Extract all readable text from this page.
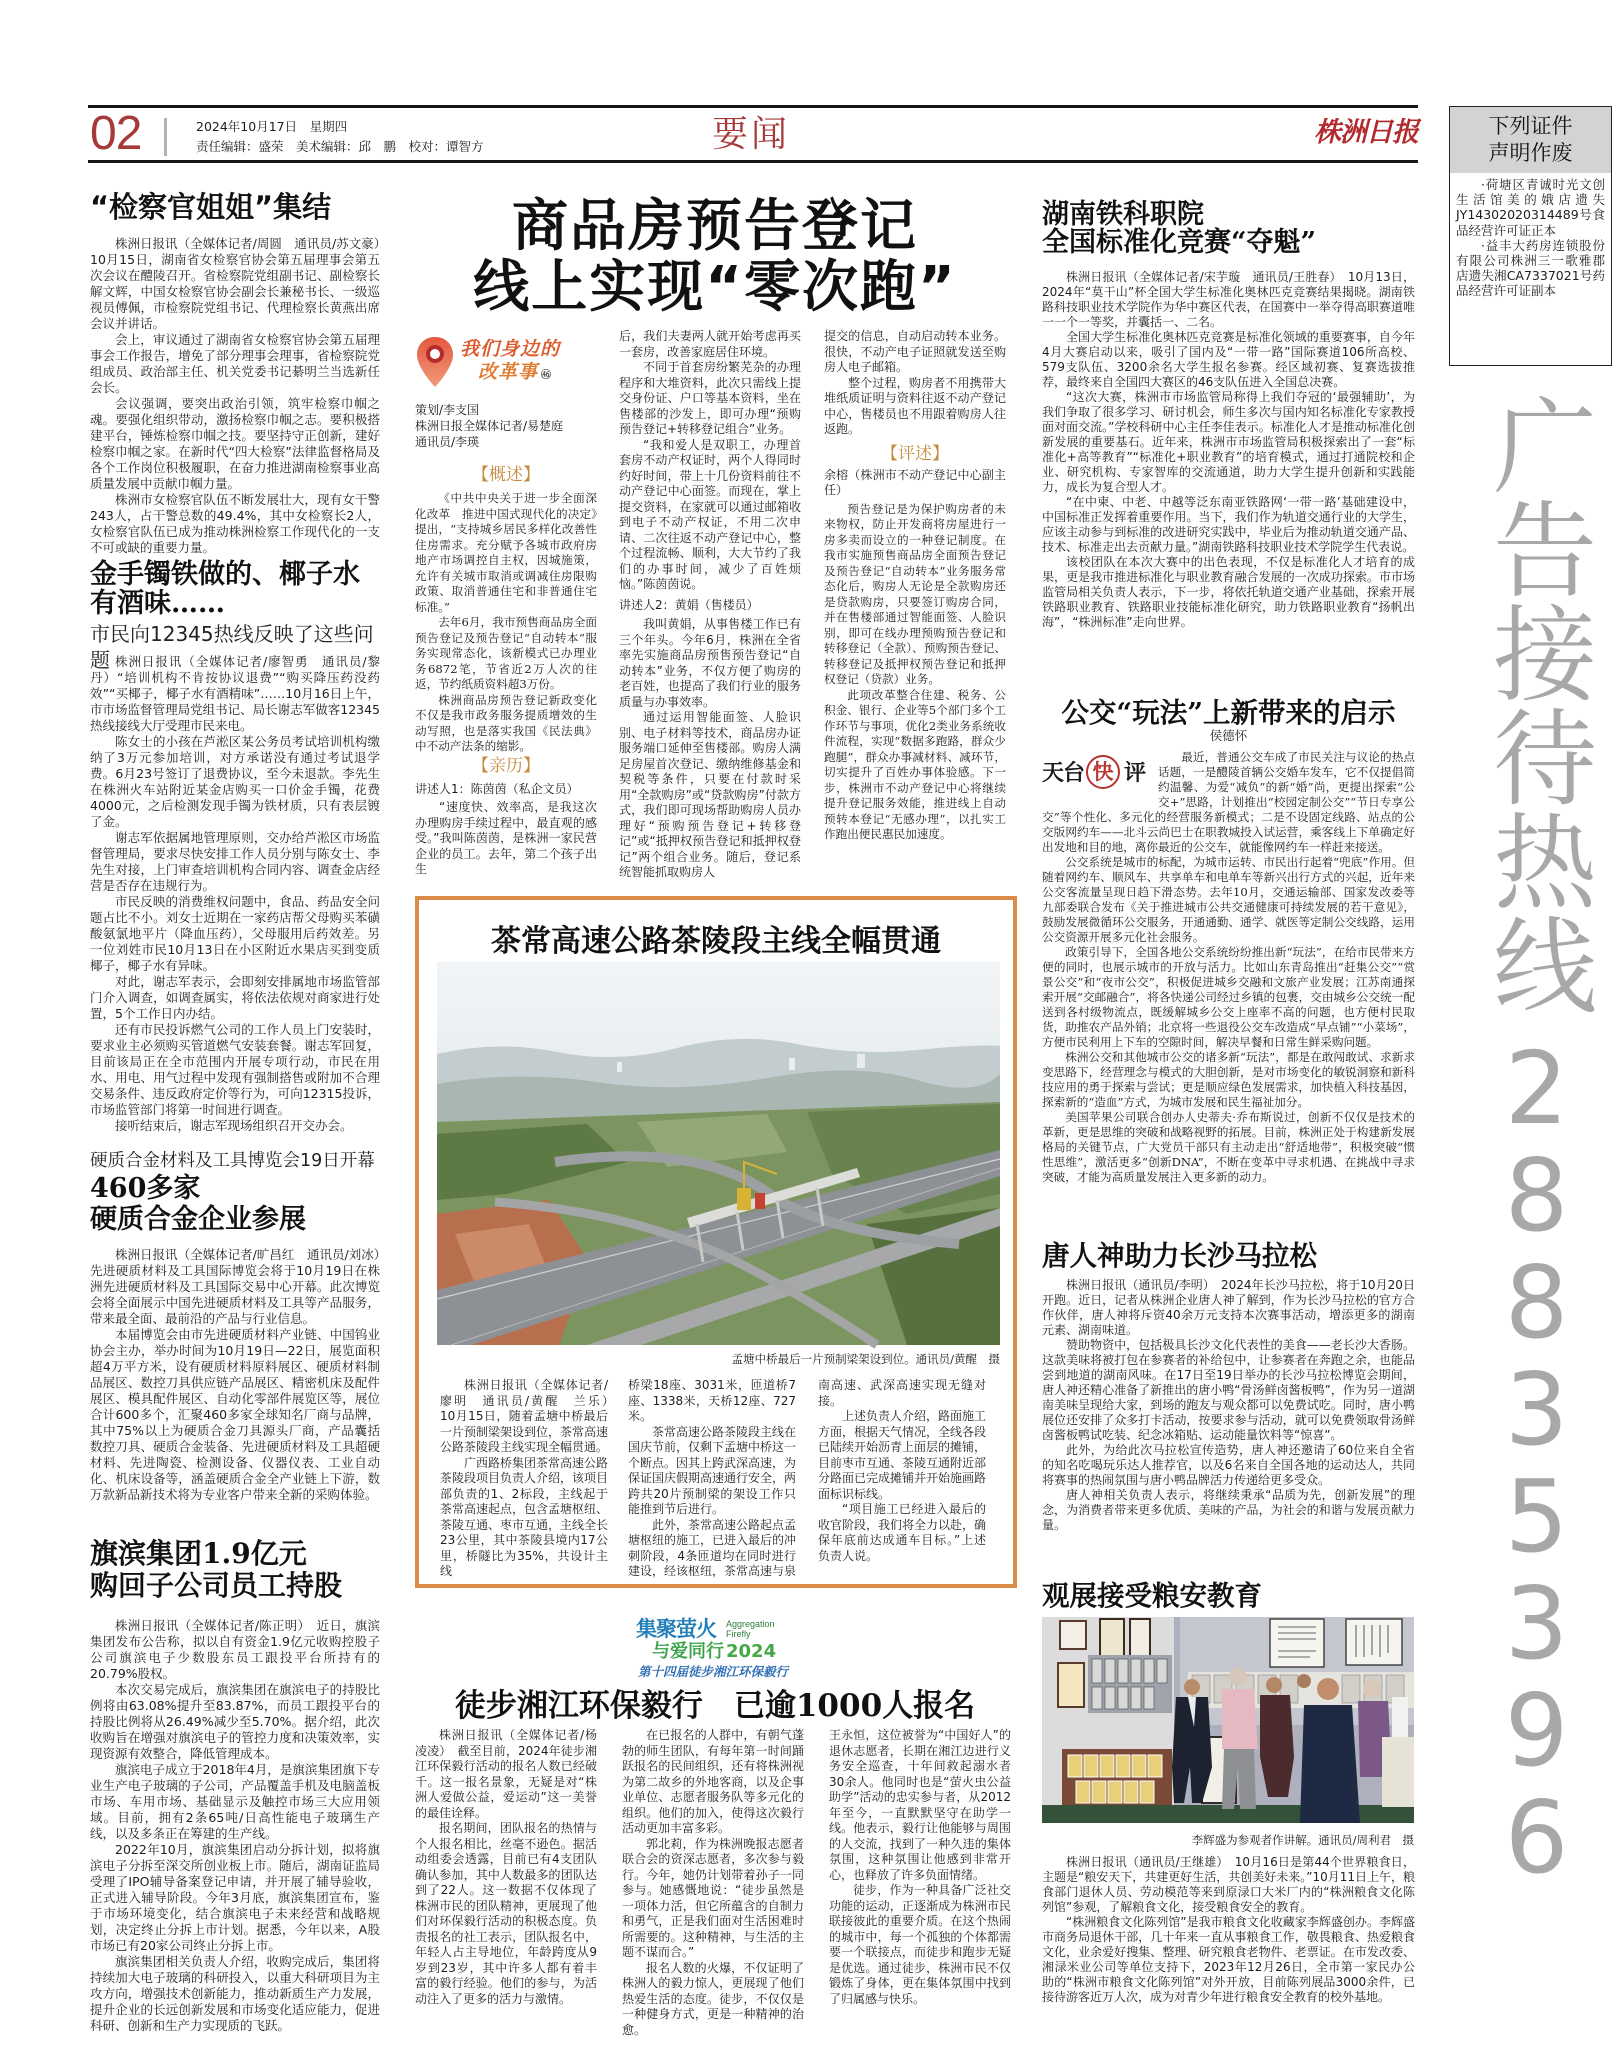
02	2024年10月17日　星期四
责任编辑：盛荣　美术编辑：邱　鹏　校对：谭智方	要闻	株洲日报	下列证件
声明作废

·荷塘区青诚时光文创生活馆美的娥店遗失JY14302020314489号食品经营许可证正本

·益丰大药房连锁股份有限公司株洲三一歌雅郡店遗失湘CA7337021号药品经营许可证副本

广告接待热线
28835396
“检察官姐姐”集结

株洲日报讯（全媒体记者/周圆　通讯员/苏文豪）10月15日，湖南省女检察官协会第五届理事会第五次会议在醴陵召开。省检察院党组副书记、副检察长解文辉，中国女检察官协会副会长兼秘书长、一级巡视员傅佩，市检察院党组书记、代理检察长黄燕出席会议并讲话。

会上，审议通过了湖南省女检察官协会第五届理事会工作报告，增免了部分理事会理事，省检察院党组成员、政治部主任、机关党委书记綦明兰当选新任会长。

会议强调，要突出政治引领，筑牢检察巾帼之魂。要强化组织带动，激扬检察巾帼之志。要积极搭建平台，锤炼检察巾帼之技。要坚持守正创新，建好检察巾帼之家。在新时代“四大检察”法律监督格局及各个工作岗位积极履职，在奋力推进湖南检察事业高质量发展中贡献巾帼力量。

株洲市女检察官队伍不断发展壮大，现有女干警243人，占干警总数的49.4%，其中女检察长2人，女检察官队伍已成为推动株洲检察工作现代化的一支不可或缺的重要力量。

金手镯铁做的、椰子水
有酒味……
市民向12345热线反映了这些问题 株洲日报讯（全媒体记者/廖智勇　通讯员/黎丹）“培训机构不肯按协议退费”“购买降压药没药效”“买椰子，椰子水有酒精味”……10月16日上午，市市场监督管理局党组书记、局长谢志军做客12345热线接线大厅受理市民来电。

陈女士的小孩在芦淞区某公务员考试培训机构缴纳了3万元参加培训，对方承诺没有通过考试退学费。6月23号签订了退费协议，至今未退款。李先生在株洲火车站附近某金店购买一口价金手镯，花费4000元，之后检测发现手镯为铁材质，只有表层镀了金。

谢志军依据属地管理原则，交办给芦淞区市场监督管理局，要求尽快安排工作人员分别与陈女士、李先生对接，上门审查培训机构合同内容、调查金店经营是否存在违规行为。

市民反映的消费维权问题中，食品、药品安全问题占比不小。刘女士近期在一家药店帮父母购买苯磺酸氨氯地平片（降血压药），父母服用后药效差。另一位刘姓市民10月13日在小区附近水果店买到变质椰子，椰子水有异味。

对此，谢志军表示，会即刻安排属地市场监管部门介入调查，如调查属实，将依法依规对商家进行处置，5个工作日内办结。

还有市民投诉燃气公司的工作人员上门安装时，要求业主必须购买管道燃气安装套餐。谢志军回复，目前该局正在全市范围内开展专项行动，市民在用水、用电、用气过程中发现有强制搭售或附加不合理交易条件、违反政府定价等行为，可向12315投诉，市场监管部门将第一时间进行调查。

接听结束后，谢志军现场组织召开交办会。

硬质合金材料及工具博览会19日开幕
460多家
硬质合金企业参展

株洲日报讯（全媒体记者/旷昌红　通讯员/刘冰）先进硬质材料及工具国际博览会将于10月19日在株洲先进硬质材料及工具国际交易中心开幕。此次博览会将全面展示中国先进硬质材料及工具等产品服务，带来最全面、最前沿的产品与行业信息。

本届博览会由市先进硬质材料产业链、中国钨业协会主办，举办时间为10月19日—22日，展览面积超4万平方米，设有硬质材料原料展区、硬质材料制品展区、数控刀具供应链产品展区、精密机床及配件展区、模具配件展区、自动化零部件展览区等，展位合计600多个，汇聚460多家全球知名厂商与品牌，其中75%以上为硬质合金刀具源头厂商，产品囊括数控刀具、硬质合金装备、先进硬质材料及工具超硬材料、先进陶瓷、检测设备、仪器仪表、工业自动化、机床设备等，涵盖硬质合金全产业链上下游，数万款新品新技术将为专业客户带来全新的采购体验。

旗滨集团1.9亿元
购回子公司员工持股

株洲日报讯（全媒体记者/陈正明）　近日，旗滨集团发布公告称，拟以自有资金1.9亿元收购控股子公司旗滨电子少数股东员工跟投平台所持有的20.79%股权。

本次交易完成后，旗滨集团在旗滨电子的持股比例将由63.08%提升至83.87%，而员工跟投平台的持股比例将从26.49%减少至5.70%。据介绍，此次收购旨在增强对旗滨电子的管控力度和决策效率，实现资源有效整合，降低管理成本。

旗滨电子成立于2018年4月，是旗滨集团旗下专业生产电子玻璃的子公司，产品覆盖手机及电脑盖板市场、车用市场、基础显示及触控市场三大应用领域。目前，拥有2条65吨/日高性能电子玻璃生产线，以及多条正在筹建的生产线。

2022年10月，旗滨集团启动分拆计划，拟将旗滨电子分拆至深交所创业板上市。随后，湖南证监局受理了IPO辅导备案登记申请，并开展了辅导验收，正式进入辅导阶段。今年3月底，旗滨集团宣布，鉴于市场环境变化，结合旗滨电子未来经营和战略规划，决定终止分拆上市计划。据悉，今年以来，A股市场已有20家公司终止分拆上市。

旗滨集团相关负责人介绍，收购完成后，集团将持续加大电子玻璃的科研投入，以重大科研项目为主攻方向，增强技术创新能力，推动新质生产力发展，提升企业的长远创新发展和市场变化适应能力，促进科研、创新和生产力实现质的飞跃。

商品房预告登记
线上实现“零次跑”
我们身边的
改革事 ㊻
策划/李支国
株洲日报全媒体记者/易楚庭
通讯员/李瑛
【概述】

《中共中央关于进一步全面深化改革　推进中国式现代化的决定》提出，“支持城乡居民多样化改善性住房需求。充分赋予各城市政府房地产市场调控自主权，因城施策，允许有关城市取消或调减住房限购政策、取消普通住宅和非普通住宅标准。”

去年6月，我市预售商品房全面预告登记及预告登记“自动转本”服务实现常态化，该新模式已办理业务6872笔，节省近2万人次的往返，节约纸质资料超3万份。

株洲商品房预告登记新政变化不仅是我市政务服务提质增效的生动写照，也是落实我国《民法典》中不动产法条的缩影。

【亲历】
讲述人1：陈茵茵（私企文员）

“速度快、效率高，是我这次办理购房手续过程中，最直观的感受。”我叫陈茵茵，是株洲一家民营企业的员工。去年，第二个孩子出生

后，我们夫妻两人就开始考虑再买一套房，改善家庭居住环境。

不同于首套房纷繁芜杂的办理程序和大堆资料，此次只需线上提交身份证、户口等基本资料，坐在售楼部的沙发上，即可办理“预购预告登记+转移登记组合”业务。

“我和爱人是双职工，办理首套房不动产权证时，两个人得同时约好时间，带上十几份资料前往不动产登记中心面签。而现在，掌上提交资料，在家就可以通过邮箱收到电子不动产权证，不用二次申请、二次往返不动产登记中心，整个过程流畅、顺利，大大节约了我们的办事时间，减少了百姓烦恼。”陈茵茵说。

讲述人2：黄娟（售楼员）

我叫黄娟，从事售楼工作已有三个年头。今年6月，株洲在全省率先实施商品房预售预告登记“自动转本”业务，不仅方便了购房的老百姓，也提高了我们行业的服务质量与办事效率。

通过运用智能面签、人脸识别、电子材料等技术，商品房办证服务端口延伸至售楼部。购房人满足房屋首次登记、缴纳维修基金和契税等条件，只要在付款时采用“全款购房”或“贷款购房”付款方式，我们即可现场帮助购房人员办理好“预购预告登记+转移登记”或“抵押权预告登记和抵押权登记”两个组合业务。随后，登记系统智能抓取购房人

提交的信息，自动启动转本业务。很快，不动产电子证照就发送至购房人电子邮箱。

整个过程，购房者不用携带大堆纸质证明与资料往返不动产登记中心，售楼员也不用跟着购房人往返跑。

【评述】
余榕（株洲市不动产登记中心副主任）

预告登记是为保护购房者的未来物权，防止开发商将房屋进行一房多卖而设立的一种登记制度。在我市实施预售商品房全面预告登记及预告登记“自动转本”业务服务常态化后，购房人无论是全款购房还是贷款购房，只要签订购房合同，并在售楼部通过智能面签、人脸识别，即可在线办理预购预告登记和转移登记（全款）、预购预告登记、转移登记及抵押权预告登记和抵押权登记（贷款）业务。

此项改革整合住建、税务、公积金、银行、企业等5个部门多个工作环节与事项，优化2类业务系统收件流程，实现“数据多跑路，群众少跑腿”，群众办事减材料、减环节，切实提升了百姓办事体验感。下一步，株洲市不动产登记中心将继续提升登记服务效能，推进线上自动预转本登记“无感办理”，以扎实工作跑出便民惠民加速度。

茶常高速公路茶陵段主线全幅贯通
孟塘中桥最后一片预制梁架设到位。通讯员/黄醒　摄

株洲日报讯（全媒体记者/廖明　通讯员/黄醒　兰乐）　10月15日，随着孟塘中桥最后一片预制梁架设到位，茶常高速公路茶陵段主线实现全幅贯通。

广西路桥集团茶常高速公路茶陵段项目负责人介绍，该项目部负责的1、2标段，主线起于茶常高速起点，包含孟塘枢纽、茶陵互通、枣市互通，主线全长23公里，其中茶陵县境内17公里，桥隧比为35%，共设计主线

桥梁18座、3031米，匝道桥7座、1338米，天桥12座、727米。

茶常高速公路茶陵段主线在国庆节前，仅剩下孟塘中桥这一个断点。因其上跨武深高速，为保证国庆假期高速通行安全，两跨共20片预制梁的架设工作只能推到节后进行。

此外，茶常高速公路起点孟塘枢纽的施工，已进入最后的冲刺阶段，4条匝道均在同时进行建设，经该枢纽，茶常高速与泉

南高速、武深高速实现无缝对接。

上述负责人介绍，路面施工方面，根据天气情况，全线各段已陆续开始沥青上面层的摊铺，目前枣市互通、茶陵互通附近部分路面已完成摊铺并开始施画路面标识标线。

“项目施工已经进入最后的收官阶段，我们将全力以赴，确保年底前达成通车目标。”上述负责人说。

集聚萤火 Aggregation
Firefly
与爱同行 2024
第十四届徒步湘江环保毅行
徒步湘江环保毅行　已逾1000人报名

株洲日报讯（全媒体记者/杨凌凌）　截至目前，2024年徒步湘江环保毅行活动的报名人数已经破千。这一报名景象，无疑是对“株洲人爱做公益，爱运动”这一美誉的最佳诠释。

报名期间，团队报名的热情与个人报名相比，丝毫不逊色。据活动组委会透露，目前已有4支团队确认参加，其中人数最多的团队达到了22人。这一数据不仅体现了株洲市民的团队精神，更展现了他们对环保毅行活动的积极态度。负责报名的社工表示，团队报名中，年轻人占主导地位，年龄跨度从9岁到23岁，其中许多人都有着丰富的毅行经验。他们的参与，为活动注入了更多的活力与激情。

在已报名的人群中，有朝气蓬勃的师生团队，有每年第一时间踊跃报名的民间组织，还有将株洲视为第二故乡的外地客商，以及企事业单位、志愿者服务队等多元化的组织。他们的加入，使得这次毅行活动更加丰富多彩。

郭北莉，作为株洲晚报志愿者联合会的资深志愿者，多次参与毅行。今年，她仍计划带着孙子一同参与。她感慨地说：“徒步虽然是一项体力活，但它所蕴含的自制力和勇气，正是我们面对生活困难时所需要的。这种精神，与生活的主题不谋而合。”

报名人数的火爆，不仅证明了株洲人的毅力惊人，更展现了他们热爱生活的态度。徒步，不仅仅是一种健身方式，更是一种精神的治愈。

王永恒，这位被誉为“中国好人”的退休志愿者，长期在湘江边进行义务安全巡查，十年间救起溺水者30余人。他同时也是“萤火虫公益助学”活动的忠实参与者，从2012年至今，一直默默坚守在助学一线。他表示，毅行让他能够与周围的人交流，找到了一种久违的集体氛围，这种氛围让他感到非常开心，也释放了许多负面情绪。

徒步，作为一种具备广泛社交功能的运动，正逐渐成为株洲市民联接彼此的重要介质。在这个热闹的城市中，每一个孤独的个体都需要一个联接点，而徒步和跑步无疑是优选。通过徒步，株洲市民不仅锻炼了身体，更在集体氛围中找到了归属感与快乐。

湖南铁科职院
全国标准化竞赛“夺魁”

株洲日报讯（全媒体记者/宋芋璇　通讯员/王胜春）　10月13日，2024年“莫干山”杯全国大学生标准化奥林匹克竞赛结果揭晓。湖南铁路科技职业技术学院作为华中赛区代表，在国赛中一举夺得高职赛道唯一一个一等奖，并囊括一、二名。

全国大学生标准化奥林匹克竞赛是标准化领域的重要赛事，自今年4月大赛启动以来，吸引了国内及“一带一路”国际赛道106所高校、579支队伍、3200余名大学生报名参赛。经区域初赛、复赛选拔推荐，最终来自全国四大赛区的46支队伍进入全国总决赛。

“这次大赛，株洲市市场监管局称得上我们夺冠的‘最强辅助’，为我们争取了很多学习、研讨机会，师生多次与国内知名标准化专家教授面对面交流。”学校科研中心主任李佳表示。标准化人才是推动标准化创新发展的重要基石。近年来，株洲市市场监管局积极探索出了一套“标准化+高等教育”“标准化+职业教育”的培育模式，通过打通院校和企业、研究机构、专家智库的交流通道，助力大学生提升创新和实践能力，成长为复合型人才。

“在中柬、中老、中越等泛东南亚铁路网‘一带一路’基础建设中，中国标准正发挥着重要作用。当下，我们作为轨道交通行业的大学生，应该主动参与到标准的改进研究实践中，毕业后为推动轨道交通产品、技术、标准走出去贡献力量。”湖南铁路科技职业技术学院学生代表说。

该校团队在本次大赛中的出色表现，不仅是标准化人才培育的成果，更是我市推进标准化与职业教育融合发展的一次成功探索。市市场监管局相关负责人表示，下一步，将依托轨道交通产业基础，探索开展铁路职业教育、铁路职业技能标准化研究，助力铁路职业教育“扬帆出海”，“株洲标准”走向世界。

公交“玩法”上新带来的启示
侯德怀
天台 快 评

最近，普通公交车成了市民关注与议论的热点话题，一是醴陵首辆公交婚车发车，它不仅提倡简约温馨、为爱“减负”的新“婚”尚，更提出探索“公交+”思路，计划推出“校园定制公交”“节日专享公交”等个性化、多元化的经营服务新模式；二是不设固定线路、站点的公交版网约车——北斗云尚巴士在职教城投入试运营，乘客线上下单确定好出发地和目的地，离你最近的公交车，就能像网约车一样赶来接送。

公交系统是城市的标配，为城市运转、市民出行起着“兜底”作用。但随着网约车、顺风车、共享单车和电单车等新兴出行方式的兴起，近年来公交客流量呈现日趋下滑态势。去年10月，交通运输部、国家发改委等九部委联合发布《关于推进城市公共交通健康可持续发展的若干意见》，鼓励发展微循环公交服务，开通通勤、通学、就医等定制公交线路，运用公交资源开展多元化社会服务。

政策引导下，全国各地公交系统纷纷推出新“玩法”，在给市民带来方便的同时，也展示城市的开放与活力。比如山东青岛推出“赶集公交”“赏景公交”和“夜市公交”，积极促进城乡交融和文旅产业发展；江苏南通探索开展“交邮融合”，将各快递公司经过乡镇的包裹，交由城乡公交统一配送到各村级物流点，既缓解城乡公交上座率不高的问题，也方便村民取货，助推农产品外销；北京将一些退役公交车改造成“早点铺”“小菜场”，方便市民利用上下车的空隙时间，解决早餐和日常生鲜采购问题。

株洲公交和其他城市公交的诸多新“玩法”，都是在敢闯敢试、求新求变思路下，经营理念与模式的大胆创新，是对市场变化的敏锐洞察和新科技应用的勇于探索与尝试；更是顺应绿色发展需求，加快植入科技基因，探索新的“造血”方式，为城市发展和民生福祉加分。

美国苹果公司联合创办人史蒂夫·乔布斯说过，创新不仅仅是技术的革新，更是思维的突破和战略视野的拓展。目前，株洲正处于构建新发展格局的关键节点，广大党员干部只有主动走出“舒适地带”，积极突破“惯性思维”，激活更多“创新DNA”，不断在变革中寻求机遇、在挑战中寻求突破，才能为高质量发展注入更多新的动力。

唐人神助力长沙马拉松

株洲日报讯（通讯员/李明）　2024年长沙马拉松，将于10月20日开跑。近日，记者从株洲企业唐人神了解到，作为长沙马拉松的官方合作伙伴，唐人神将斥资40余万元支持本次赛事活动，增添更多的湖南元素、湖南味道。

赞助物资中，包括极具长沙文化代表性的美食——老长沙大香肠。这款美味将被打包在参赛者的补给包中，让参赛者在奔跑之余，也能品尝到地道的湖南风味。在17日至19日举办的长沙马拉松博览会期间，唐人神还精心准备了新推出的唐小鸭“骨汤鲜卤酱板鸭”，作为另一道湖南美味呈现给大家，到场的跑友与观众都可以免费试吃。同时，唐小鸭展位还安排了众多打卡活动，按要求参与活动，就可以免费领取骨汤鲜卤酱板鸭试吃装、纪念冰箱贴、运动能量饮料等“惊喜”。

此外，为给此次马拉松宣传造势，唐人神还邀请了60位来自全省的知名吃喝玩乐达人推荐官，以及6名来自全国各地的运动达人，共同将赛事的热闹氛围与唐小鸭品牌活力传递给更多受众。

唐人神相关负责人表示，将继续秉承“品质为先，创新发展”的理念，为消费者带来更多优质、美味的产品，为社会的和谐与发展贡献力量。

观展接受粮安教育
李辉盛为参观者作讲解。通讯员/周利君　摄

株洲日报讯（通讯员/王继雄）　10月16日是第44个世界粮食日，主题是“粮安天下，共建更好生活，共创美好未来。”10月11日上午，粮食部门退休人员、劳动模范等来到原渌口大米厂内的“株洲粮食文化陈列馆”参观，了解粮食文化，接受粮食安全的教育。

“株洲粮食文化陈列馆”是我市粮食文化收藏家李辉盛创办。李辉盛市商务局退休干部，几十年来一直从事粮食工作，敬畏粮食、热爱粮食文化，业余爱好搜集、整理、研究粮食老物件、老票证。在市发改委、湘渌米业公司等单位支持下，2023年12月26日，全市第一家民办公助的“株洲市粮食文化陈列馆”对外开放，目前陈列展品3000余件，已接待游客近万人次，成为对青少年进行粮食安全教育的校外基地。
